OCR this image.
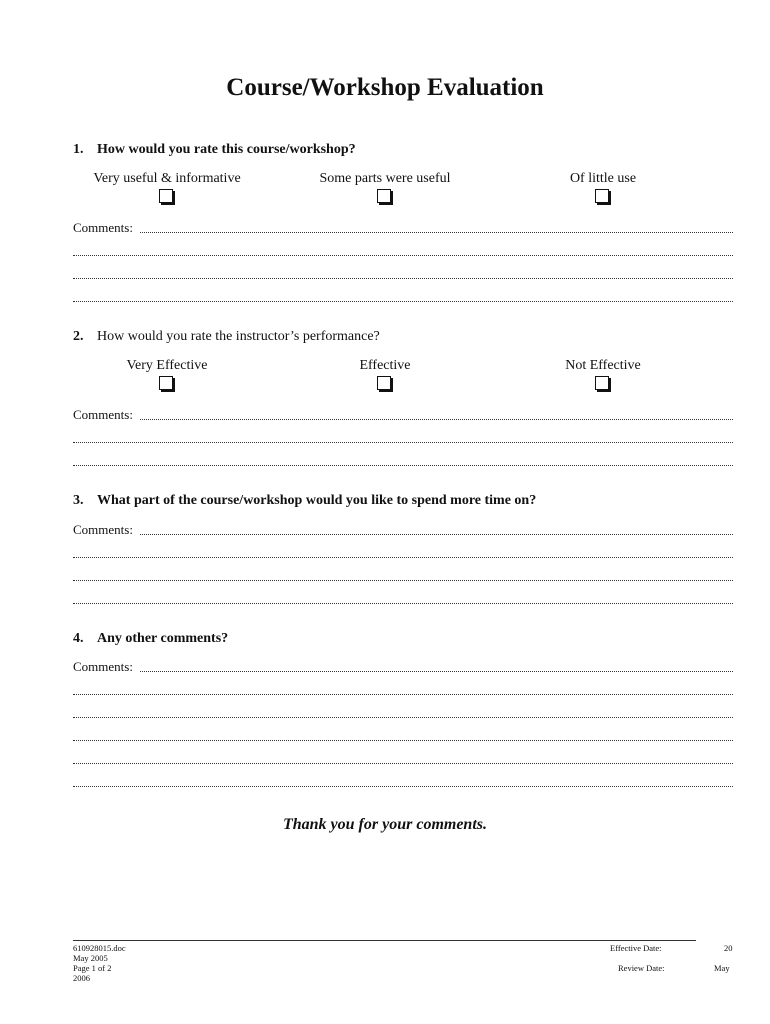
Course/Workshop Evaluation
1. How would you rate this course/workshop?
Very useful & informative	Some parts were useful	Of little use
Comments:
2. How would you rate the instructor’s performance?
Very Effective	Effective	Not Effective
Comments:
3. What part of the course/workshop would you like to spend more time on?
Comments:
4. Any other comments?
Comments:
Thank you for your comments.
610928015.doc
May 2005
Page 1 of 2
2006
Effective Date:	20
Review Date:	May
